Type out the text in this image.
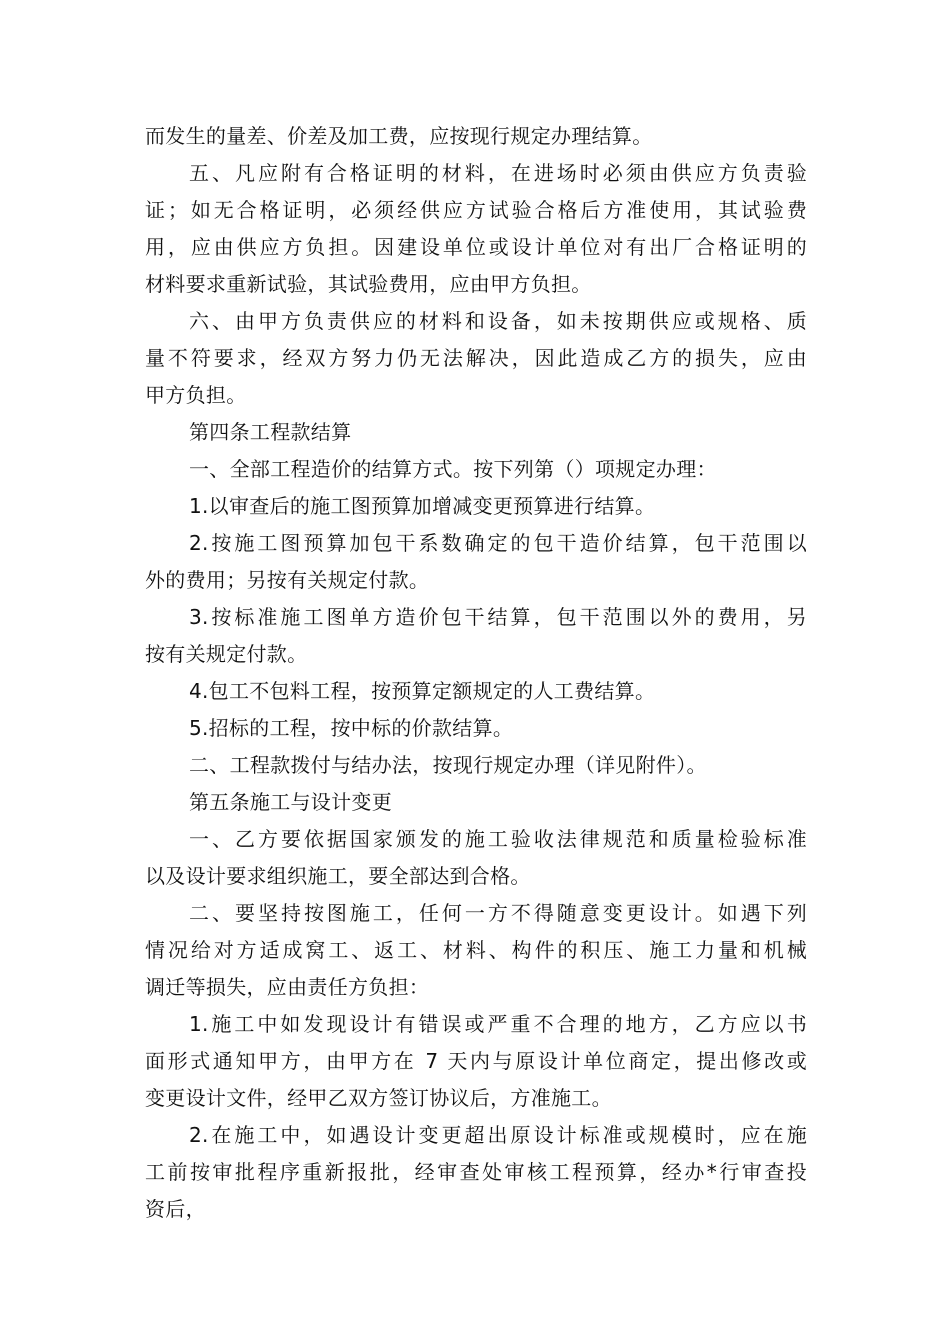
而发生的量差、价差及加工费，应按现行规定办理结算。
五、凡应附有合格证明的材料，在进场时必须由供应方负责验
证；如无合格证明，必须经供应方试验合格后方准使用，其试验费
用，应由供应方负担。因建设单位或设计单位对有出厂合格证明的
材料要求重新试验，其试验费用，应由甲方负担。
六、由甲方负责供应的材料和设备，如未按期供应或规格、质
量不符要求，经双方努力仍无法解决，因此造成乙方的损失，应由
甲方负担。
第四条工程款结算
一、全部工程造价的结算方式。按下列第（）项规定办理：
1.以审查后的施工图预算加增减变更预算进行结算。
2.按施工图预算加包干系数确定的包干造价结算，包干范围以
外的费用；另按有关规定付款。
3.按标准施工图单方造价包干结算，包干范围以外的费用，另
按有关规定付款。
4.包工不包料工程，按预算定额规定的人工费结算。
5.招标的工程，按中标的价款结算。
二、工程款拨付与结办法，按现行规定办理（详见附件）。
第五条施工与设计变更
一、乙方要依据国家颁发的施工验收法律规范和质量检验标准
以及设计要求组织施工，要全部达到合格。
二、要坚持按图施工，任何一方不得随意变更设计。如遇下列
情况给对方适成窝工、返工、材料、构件的积压、施工力量和机械
调迁等损失，应由责任方负担：
1.施工中如发现设计有错误或严重不合理的地方，乙方应以书
面形式通知甲方，由甲方在 7 天内与原设计单位商定，提出修改或
变更设计文件，经甲乙双方签订协议后，方准施工。
2.在施工中，如遇设计变更超出原设计标准或规模时，应在施
工前按审批程序重新报批，经审查处审核工程预算，经办*行审查投
资后，
